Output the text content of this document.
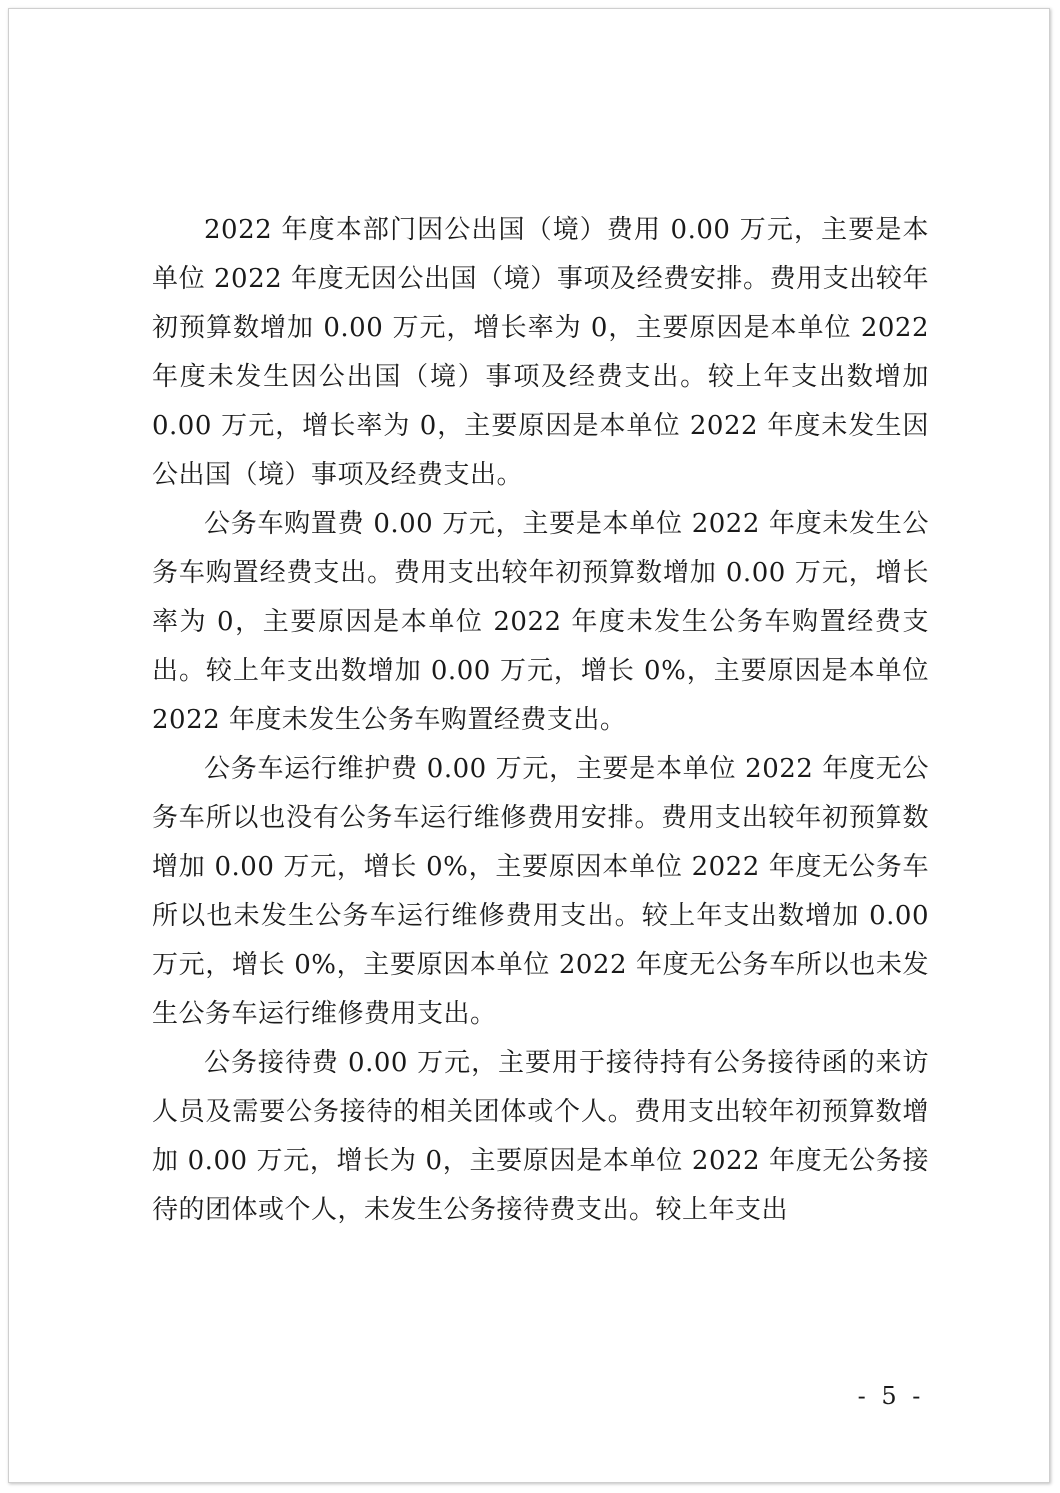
2022 年度本部门因公出国（境）费用 0.00 万元，主要是本单位 2022 年度无因公出国（境）事项及经费安排。费用支出较年初预算数增加 0.00 万元，增长率为 0，主要原因是本单位 2022 年度未发生因公出国（境）事项及经费支出。较上年支出数增加 0.00 万元，增长率为 0，主要原因是本单位 2022 年度未发生因公出国（境）事项及经费支出。

公务车购置费 0.00 万元，主要是本单位 2022 年度未发生公务车购置经费支出。费用支出较年初预算数增加 0.00 万元，增长率为 0，主要原因是本单位 2022 年度未发生公务车购置经费支出。较上年支出数增加 0.00 万元，增长 0%，主要原因是本单位 2022 年度未发生公务车购置经费支出。

公务车运行维护费 0.00 万元，主要是本单位 2022 年度无公务车所以也没有公务车运行维修费用安排。费用支出较年初预算数增加 0.00 万元，增长 0%，主要原因本单位 2022 年度无公务车所以也未发生公务车运行维修费用支出。较上年支出数增加 0.00 万元，增长 0%，主要原因本单位 2022 年度无公务车所以也未发生公务车运行维修费用支出。

公务接待费 0.00 万元，主要用于接待持有公务接待函的来访人员及需要公务接待的相关团体或个人。费用支出较年初预算数增加 0.00 万元，增长为 0，主要原因是本单位 2022 年度无公务接待的团体或个人，未发生公务接待费支出。较上年支出

- 5 -
